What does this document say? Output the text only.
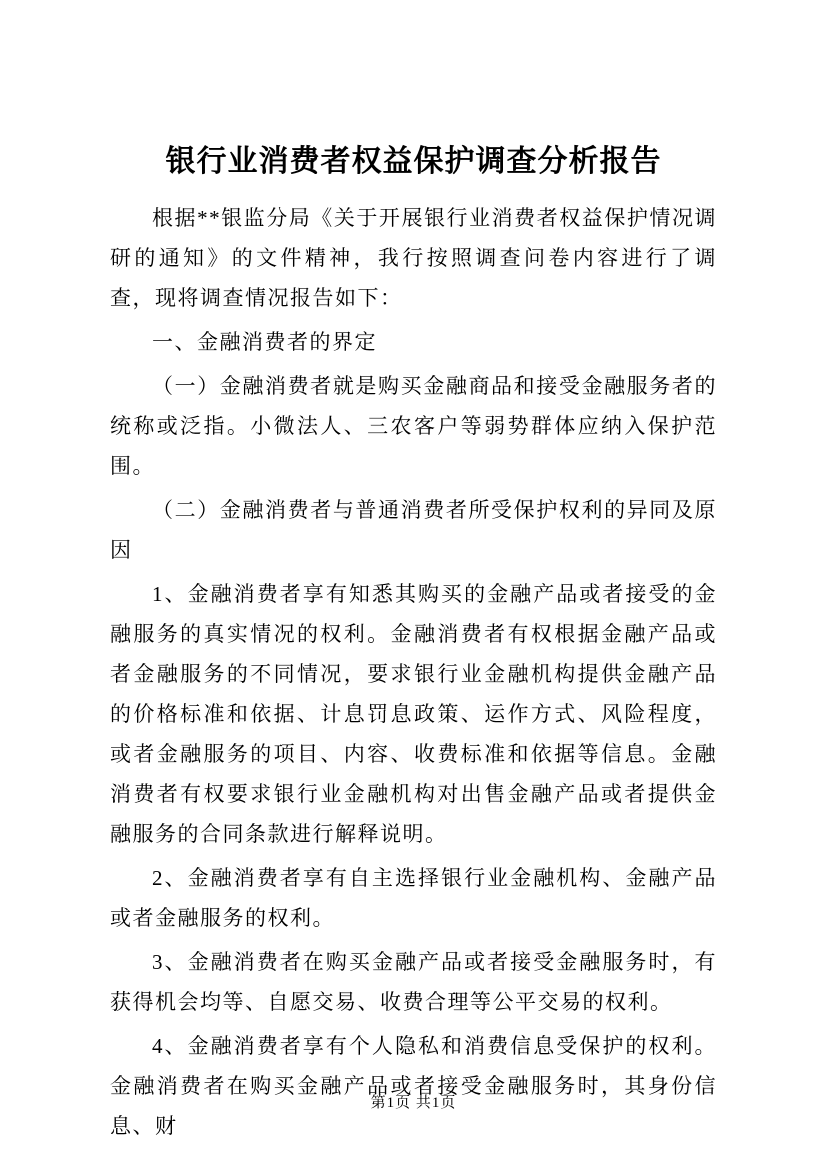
银行业消费者权益保护调查分析报告

根据**银监分局《关于开展银行业消费者权益保护情况调研的通知》的文件精神，我行按照调查问卷内容进行了调查，现将调查情况报告如下：

一、金融消费者的界定

（一）金融消费者就是购买金融商品和接受金融服务者的统称或泛指。小微法人、三农客户等弱势群体应纳入保护范围。

（二）金融消费者与普通消费者所受保护权利的异同及原因

1、金融消费者享有知悉其购买的金融产品或者接受的金融服务的真实情况的权利。金融消费者有权根据金融产品或者金融服务的不同情况，要求银行业金融机构提供金融产品的价格标准和依据、计息罚息政策、运作方式、风险程度，或者金融服务的项目、内容、收费标准和依据等信息。金融消费者有权要求银行业金融机构对出售金融产品或者提供金融服务的合同条款进行解释说明。

2、金融消费者享有自主选择银行业金融机构、金融产品或者金融服务的权利。

3、金融消费者在购买金融产品或者接受金融服务时，有获得机会均等、自愿交易、收费合理等公平交易的权利。

4、金融消费者享有个人隐私和消费信息受保护的权利。金融消费者在购买金融产品或者接受金融服务时，其身份信息、财

第1页 共1页
